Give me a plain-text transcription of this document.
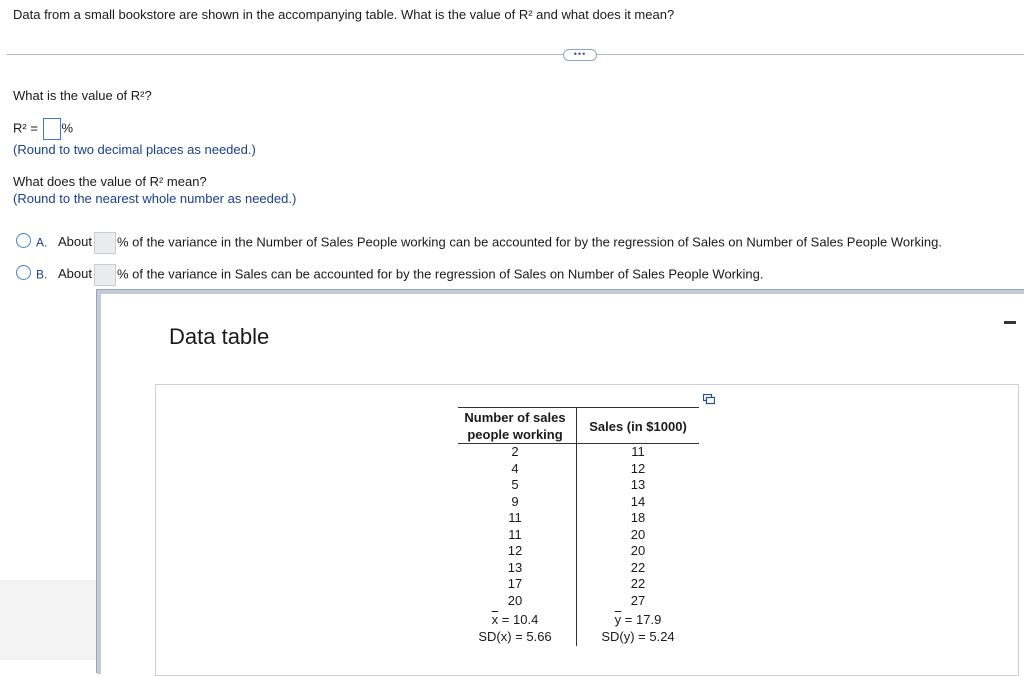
Data from a small bookstore are shown in the accompanying table. What is the value of R² and what does it mean?
•••
What is the value of R²?
R² = %
(Round to two decimal places as needed.)
What does the value of R² mean?
(Round to the nearest whole number as needed.)
A. About % of the variance in the Number of Sales People working can be accounted for by the regression of Sales on Number of Sales People Working.
B. About % of the variance in Sales can be accounted for by the regression of Sales on Number of Sales People Working.
Data table
Number of sales
people working
Sales (in $1000)
2
4
5
9
11
11
12
13
17
20
11
12
13
14
18
20
20
22
22
27
$\overline{x} = 10.4$
SD(x) = 5.66
$\overline{y} = 17.9$
SD(y) = 5.24
